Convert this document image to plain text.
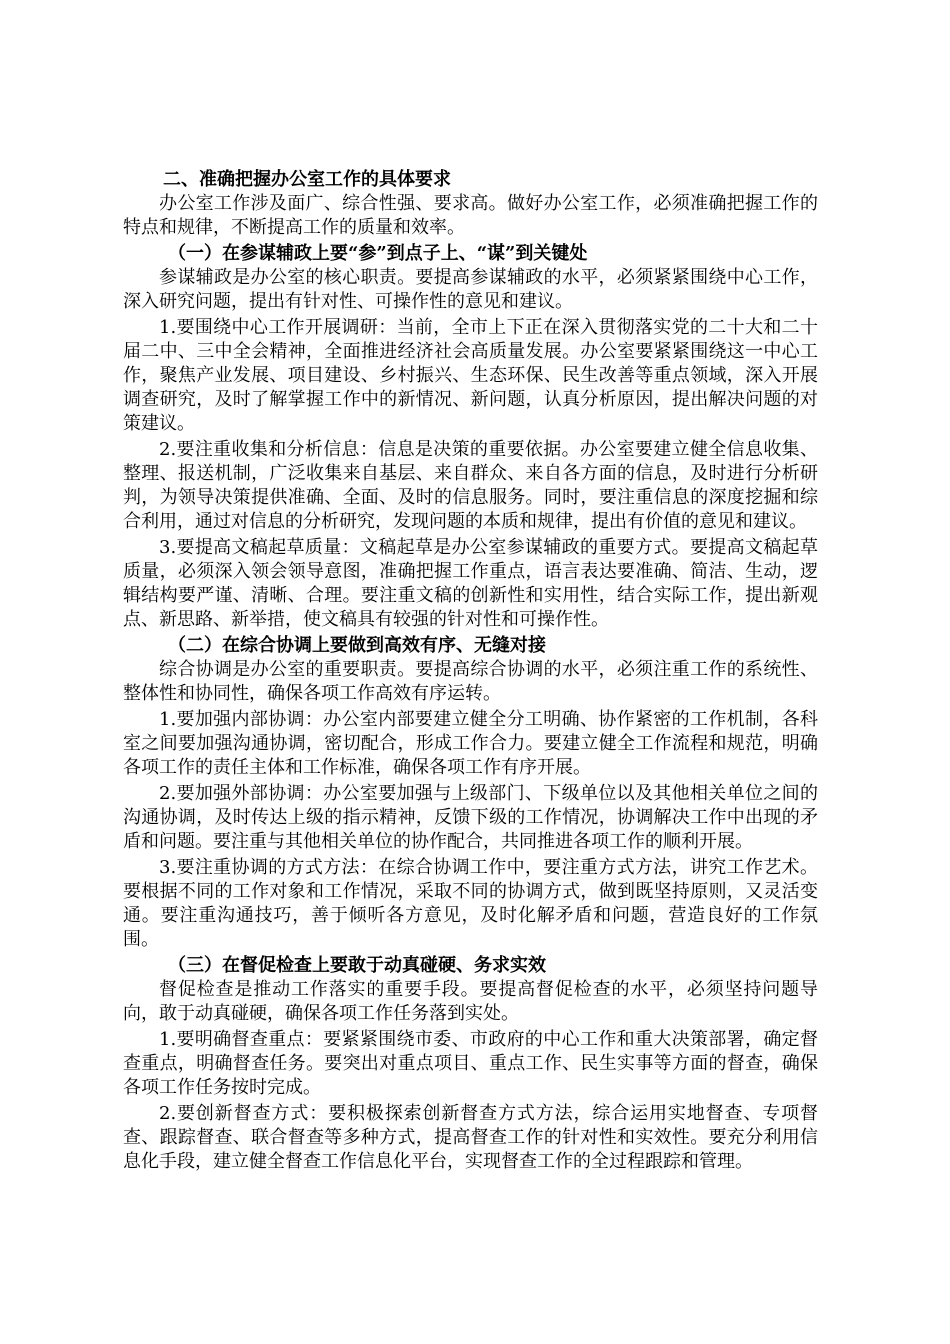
二、准确把握办公室工作的具体要求

办公室工作涉及面广、综合性强、要求高。做好办公室工作，必须准确把握工作的特点和规律，不断提高工作的质量和效率。

（一）在参谋辅政上要“参”到点子上、“谋”到关键处

参谋辅政是办公室的核心职责。要提高参谋辅政的水平，必须紧紧围绕中心工作，深入研究问题，提出有针对性、可操作性的意见和建议。

1.要围绕中心工作开展调研：当前，全市上下正在深入贯彻落实党的二十大和二十届二中、三中全会精神，全面推进经济社会高质量发展。办公室要紧紧围绕这一中心工作，聚焦产业发展、项目建设、乡村振兴、生态环保、民生改善等重点领域，深入开展调查研究，及时了解掌握工作中的新情况、新问题，认真分析原因，提出解决问题的对策建议。

2.要注重收集和分析信息：信息是决策的重要依据。办公室要建立健全信息收集、整理、报送机制，广泛收集来自基层、来自群众、来自各方面的信息，及时进行分析研判，为领导决策提供准确、全面、及时的信息服务。同时，要注重信息的深度挖掘和综合利用，通过对信息的分析研究，发现问题的本质和规律，提出有价值的意见和建议。

3.要提高文稿起草质量：文稿起草是办公室参谋辅政的重要方式。要提高文稿起草质量，必须深入领会领导意图，准确把握工作重点，语言表达要准确、简洁、生动，逻辑结构要严谨、清晰、合理。要注重文稿的创新性和实用性，结合实际工作，提出新观点、新思路、新举措，使文稿具有较强的针对性和可操作性。

（二）在综合协调上要做到高效有序、无缝对接

综合协调是办公室的重要职责。要提高综合协调的水平，必须注重工作的系统性、整体性和协同性，确保各项工作高效有序运转。

1.要加强内部协调：办公室内部要建立健全分工明确、协作紧密的工作机制，各科室之间要加强沟通协调，密切配合，形成工作合力。要建立健全工作流程和规范，明确各项工作的责任主体和工作标准，确保各项工作有序开展。

2.要加强外部协调：办公室要加强与上级部门、下级单位以及其他相关单位之间的沟通协调，及时传达上级的指示精神，反馈下级的工作情况，协调解决工作中出现的矛盾和问题。要注重与其他相关单位的协作配合，共同推进各项工作的顺利开展。

3.要注重协调的方式方法：在综合协调工作中，要注重方式方法，讲究工作艺术。要根据不同的工作对象和工作情况，采取不同的协调方式，做到既坚持原则，又灵活变通。要注重沟通技巧，善于倾听各方意见，及时化解矛盾和问题，营造良好的工作氛围。

（三）在督促检查上要敢于动真碰硬、务求实效

督促检查是推动工作落实的重要手段。要提高督促检查的水平，必须坚持问题导向，敢于动真碰硬，确保各项工作任务落到实处。

1.要明确督查重点：要紧紧围绕市委、市政府的中心工作和重大决策部署，确定督查重点，明确督查任务。要突出对重点项目、重点工作、民生实事等方面的督查，确保各项工作任务按时完成。

2.要创新督查方式：要积极探索创新督查方式方法，综合运用实地督查、专项督查、跟踪督查、联合督查等多种方式，提高督查工作的针对性和实效性。要充分利用信息化手段，建立健全督查工作信息化平台，实现督查工作的全过程跟踪和管理。
